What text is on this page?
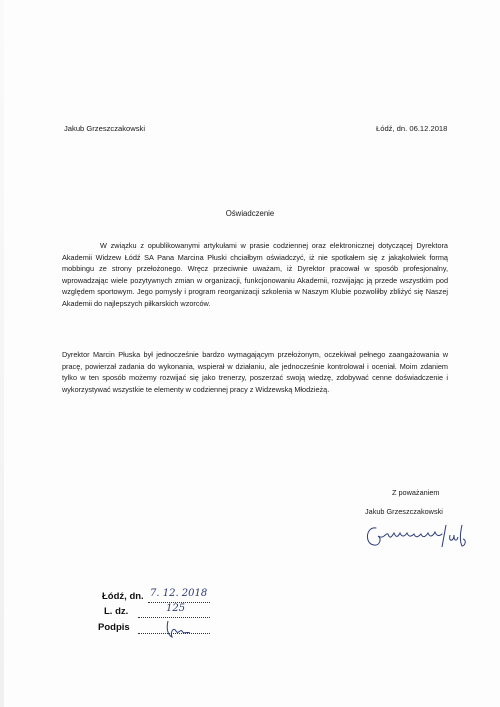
Jakub Grzeszczakowski	Łódź, dn. 06.12.2018
Oświadczenie
W związku z opublikowanymi artykułami w prasie codziennej oraz elektronicznej dotyczącej Dyrektora Akademii Widzew Łódź SA Pana Marcina Płuski chciałbym oświadczyć, iż nie spotkałem się z jakąkolwiek formą mobbingu ze strony przełożonego. Wręcz przeciwnie uważam, iż Dyrektor pracował w sposób profesjonalny, wprowadzając wiele pozytywnych zmian w organizacji, funkcjonowaniu Akademii, rozwijając ją przede wszystkim pod względem sportowym. Jego pomysły i program reorganizacji szkolenia w Naszym Klubie pozwoliłby zbliżyć się Naszej Akademii do najlepszych piłkarskich wzorców.
Dyrektor Marcin Płuska był jednocześnie bardzo wymagającym przełożonym, oczekiwał pełnego zaangażowania w pracę, powierzał zadania do wykonania, wspierał w działaniu, ale jednocześnie kontrolował i oceniał. Moim zdaniem tylko w ten sposób możemy rozwijać się jako trenerzy, poszerzać swoją wiedzę, zdobywać cenne doświadczenie i wykorzystywać wszystkie te elementy w codziennej pracy z Widzewską Młodzieżą.
Z poważaniem
Jakub Grzeszczakowski
Łódź, dn. 7. 12. 2018
L. dz.	125
Podpis
